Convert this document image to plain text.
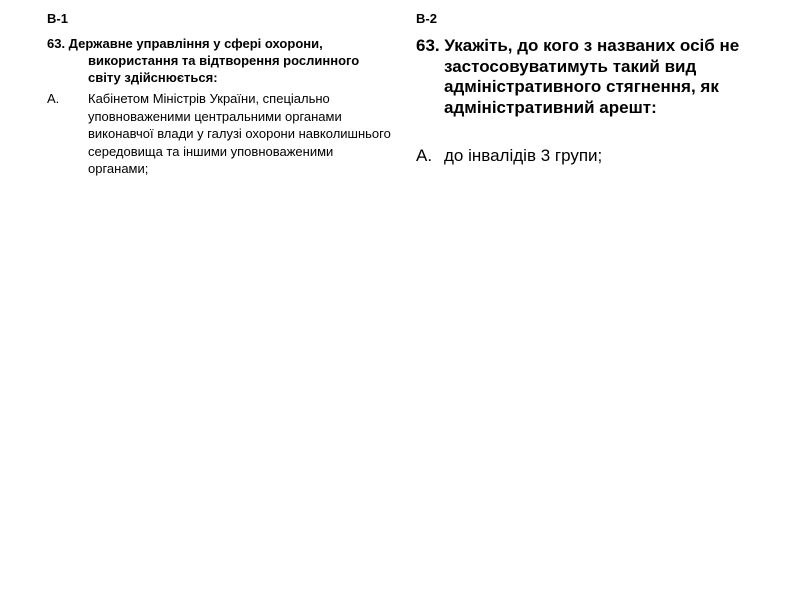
В-1

63. Державне управління у сфері охорони, використання та відтворення рослинного світу здійснюється:

А.	Кабінетом Міністрів України, спеціально уповноваженими центральними органами виконавчої влади у галузі охорони навколишнього середовища та іншими уповноваженими органами;
В-2

63. Укажіть, до кого з названих осіб не застосовуватимуть такий вид адміністративного стягнення, як адміністративний арешт:

А. до інвалідів 3 групи;
